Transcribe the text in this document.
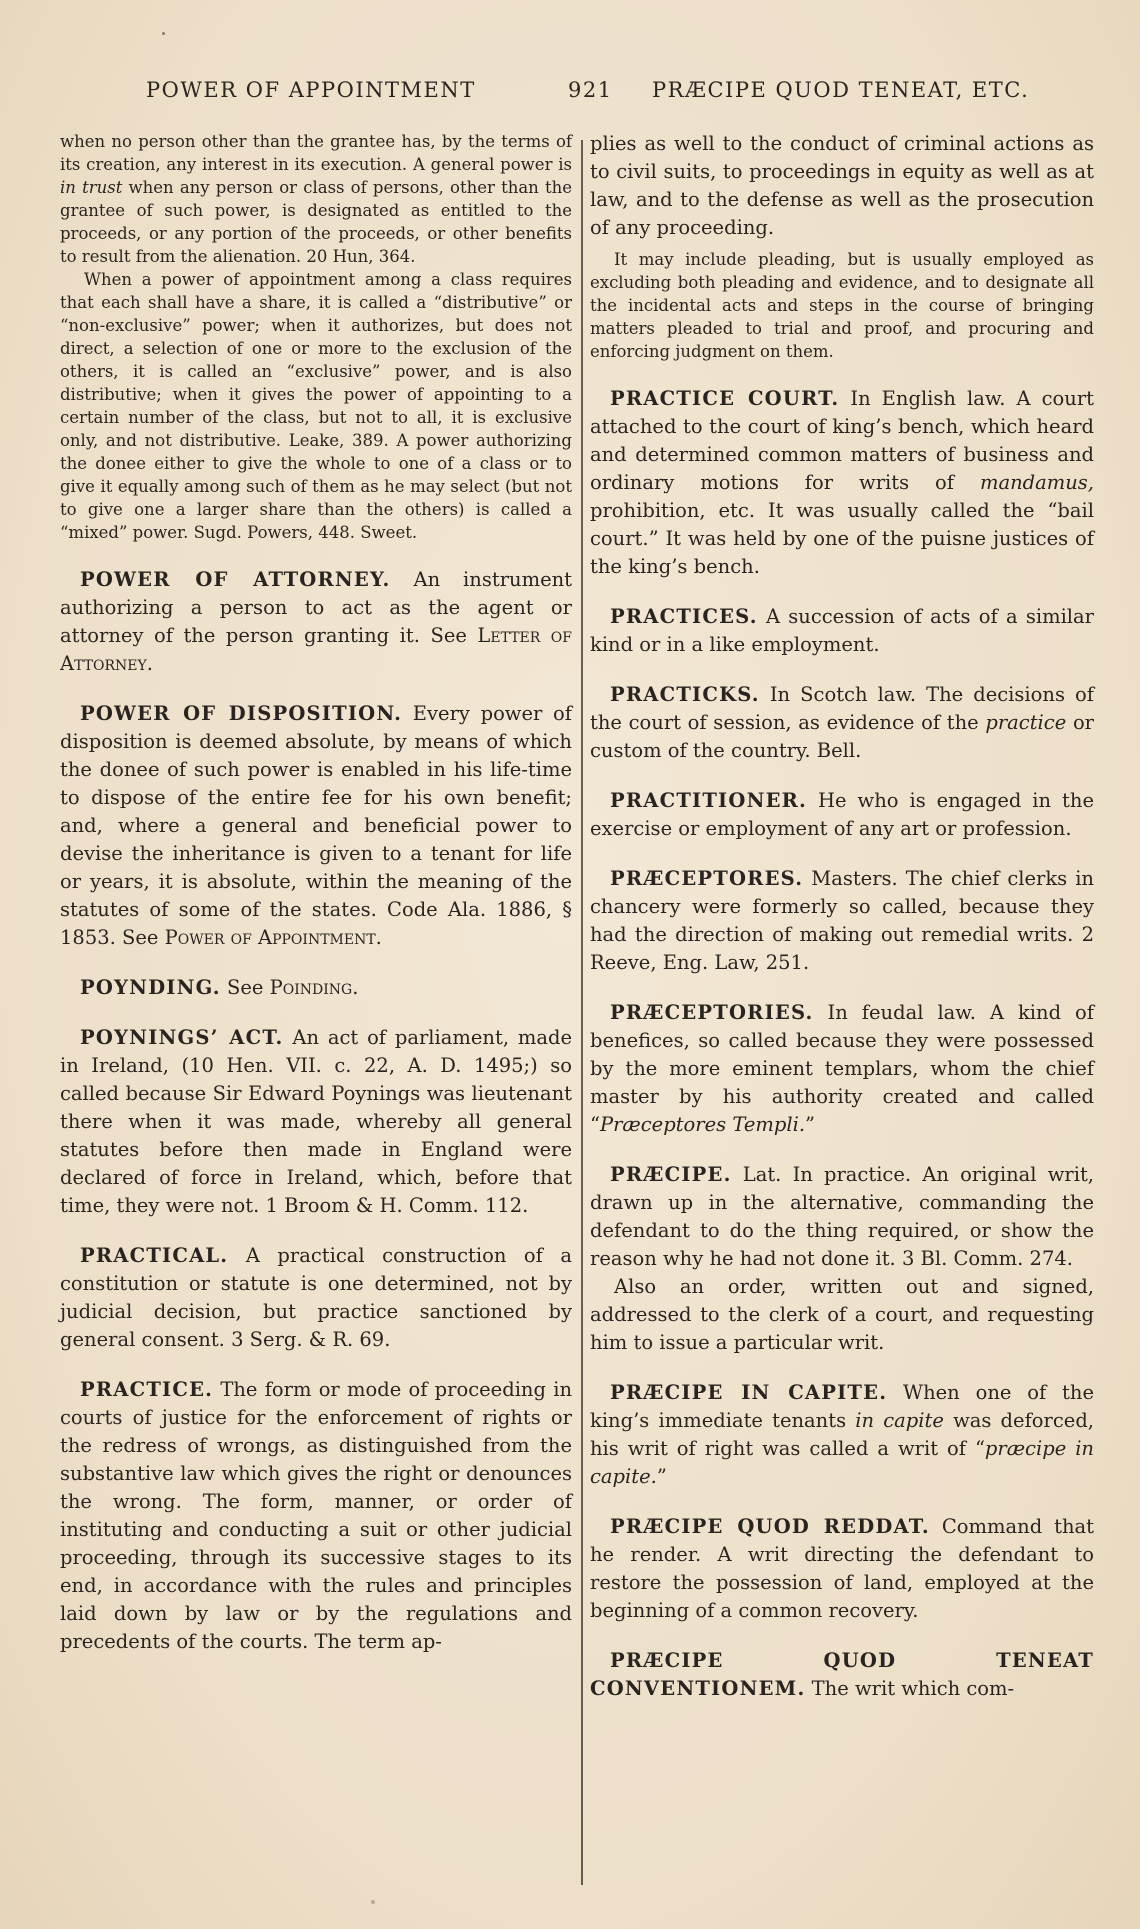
POWER OF APPOINTMENT	921 PRÆCIPE QUOD TENEAT, ETC.

when no person other than the grantee has, by the terms of its creation, any interest in its execution. A general power is in trust when any person or class of persons, other than the grantee of such power, is designated as entitled to the proceeds, or any portion of the proceeds, or other benefits to result from the alienation. 20 Hun, 364.

When a power of appointment among a class requires that each shall have a share, it is called a “distributive” or “non-exclusive” power; when it authorizes, but does not direct, a selection of one or more to the exclusion of the others, it is called an “exclusive” power, and is also distributive; when it gives the power of appointing to a certain number of the class, but not to all, it is exclusive only, and not distributive. Leake, 389. A power authorizing the donee either to give the whole to one of a class or to give it equally among such of them as he may select (but not to give one a larger share than the others) is called a “mixed” power. Sugd. Powers, 448. Sweet.

POWER OF ATTORNEY. An instrument authorizing a person to act as the agent or attorney of the person granting it. See Letter of Attorney.

POWER OF DISPOSITION. Every power of disposition is deemed absolute, by means of which the donee of such power is enabled in his life-time to dispose of the entire fee for his own benefit; and, where a general and beneficial power to devise the inheritance is given to a tenant for life or years, it is absolute, within the meaning of the statutes of some of the states. Code Ala. 1886, § 1853. See Power of Appointment.

POYNDING. See Poinding.

POYNINGS’ ACT. An act of parliament, made in Ireland, (10 Hen. VII. c. 22, A. D. 1495;) so called because Sir Edward Poynings was lieutenant there when it was made, whereby all general statutes before then made in England were declared of force in Ireland, which, before that time, they were not. 1 Broom & H. Comm. 112.

PRACTICAL. A practical construction of a constitution or statute is one determined, not by judicial decision, but practice sanctioned by general consent. 3 Serg. & R. 69.

PRACTICE. The form or mode of proceeding in courts of justice for the enforcement of rights or the redress of wrongs, as distinguished from the substantive law which gives the right or denounces the wrong. The form, manner, or order of instituting and conducting a suit or other judicial proceeding, through its successive stages to its end, in accordance with the rules and principles laid down by law or by the regulations and precedents of the courts. The term ap-

plies as well to the conduct of criminal actions as to civil suits, to proceedings in equity as well as at law, and to the defense as well as the prosecution of any proceeding.

It may include pleading, but is usually employed as excluding both pleading and evidence, and to designate all the incidental acts and steps in the course of bringing matters pleaded to trial and proof, and procuring and enforcing judgment on them.

PRACTICE COURT. In English law. A court attached to the court of king’s bench, which heard and determined common matters of business and ordinary motions for writs of mandamus, prohibition, etc. It was usually called the “bail court.” It was held by one of the puisne justices of the king’s bench.

PRACTICES. A succession of acts of a similar kind or in a like employment.

PRACTICKS. In Scotch law. The decisions of the court of session, as evidence of the practice or custom of the country. Bell.

PRACTITIONER. He who is engaged in the exercise or employment of any art or profession.

PRÆCEPTORES. Masters. The chief clerks in chancery were formerly so called, because they had the direction of making out remedial writs. 2 Reeve, Eng. Law, 251.

PRÆCEPTORIES. In feudal law. A kind of benefices, so called because they were possessed by the more eminent templars, whom the chief master by his authority created and called “Præceptores Templi.”

PRÆCIPE. Lat. In practice. An original writ, drawn up in the alternative, commanding the defendant to do the thing required, or show the reason why he had not done it. 3 Bl. Comm. 274.

Also an order, written out and signed, addressed to the clerk of a court, and requesting him to issue a particular writ.

PRÆCIPE IN CAPITE. When one of the king’s immediate tenants in capite was deforced, his writ of right was called a writ of “præcipe in capite.”

PRÆCIPE QUOD REDDAT. Command that he render. A writ directing the defendant to restore the possession of land, employed at the beginning of a common recovery.

PRÆCIPE QUOD TENEAT CONVENTIONEM. The writ which com-
